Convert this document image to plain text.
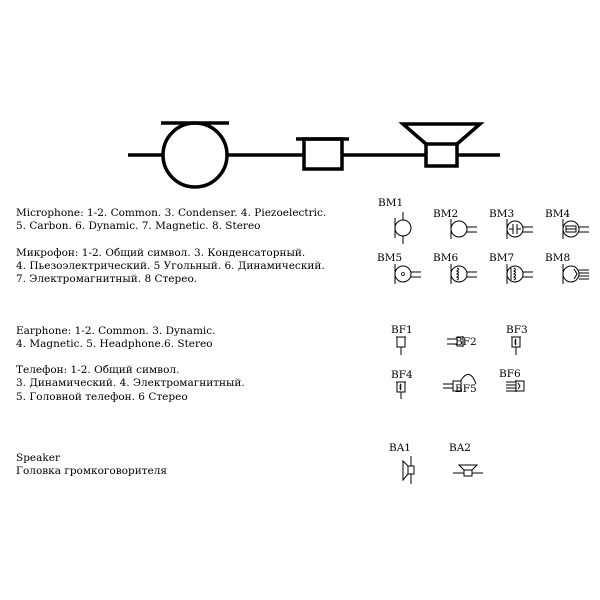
Microphone: 1-2. Common. 3. Condenser. 4. Piezoelectric.
5. Carbon. 6. Dynamic. 7. Magnetic. 8. Stereo
Микрофон: 1-2. Общий символ. 3. Конденсаторный.
4. Пьезоэлектрический. 5 Угольный. 6. Динамический.
7. Электромагнитный. 8 Стерео.
BM1
BM2	BM3	BM4
BM5	BM6	BM7	BM8
Earphone: 1-2. Common. 3. Dynamic.
4. Magnetic. 5. Headphone.6. Stereo
Телефон: 1-2. Общий символ.
3. Динамический. 4. Электромагнитный.
5. Головной телефон. 6 Стерео
BF1
BF2
BF3
BF4
BF5
BF6
Speaker
Головка громкоговорителя
BA1	BA2
